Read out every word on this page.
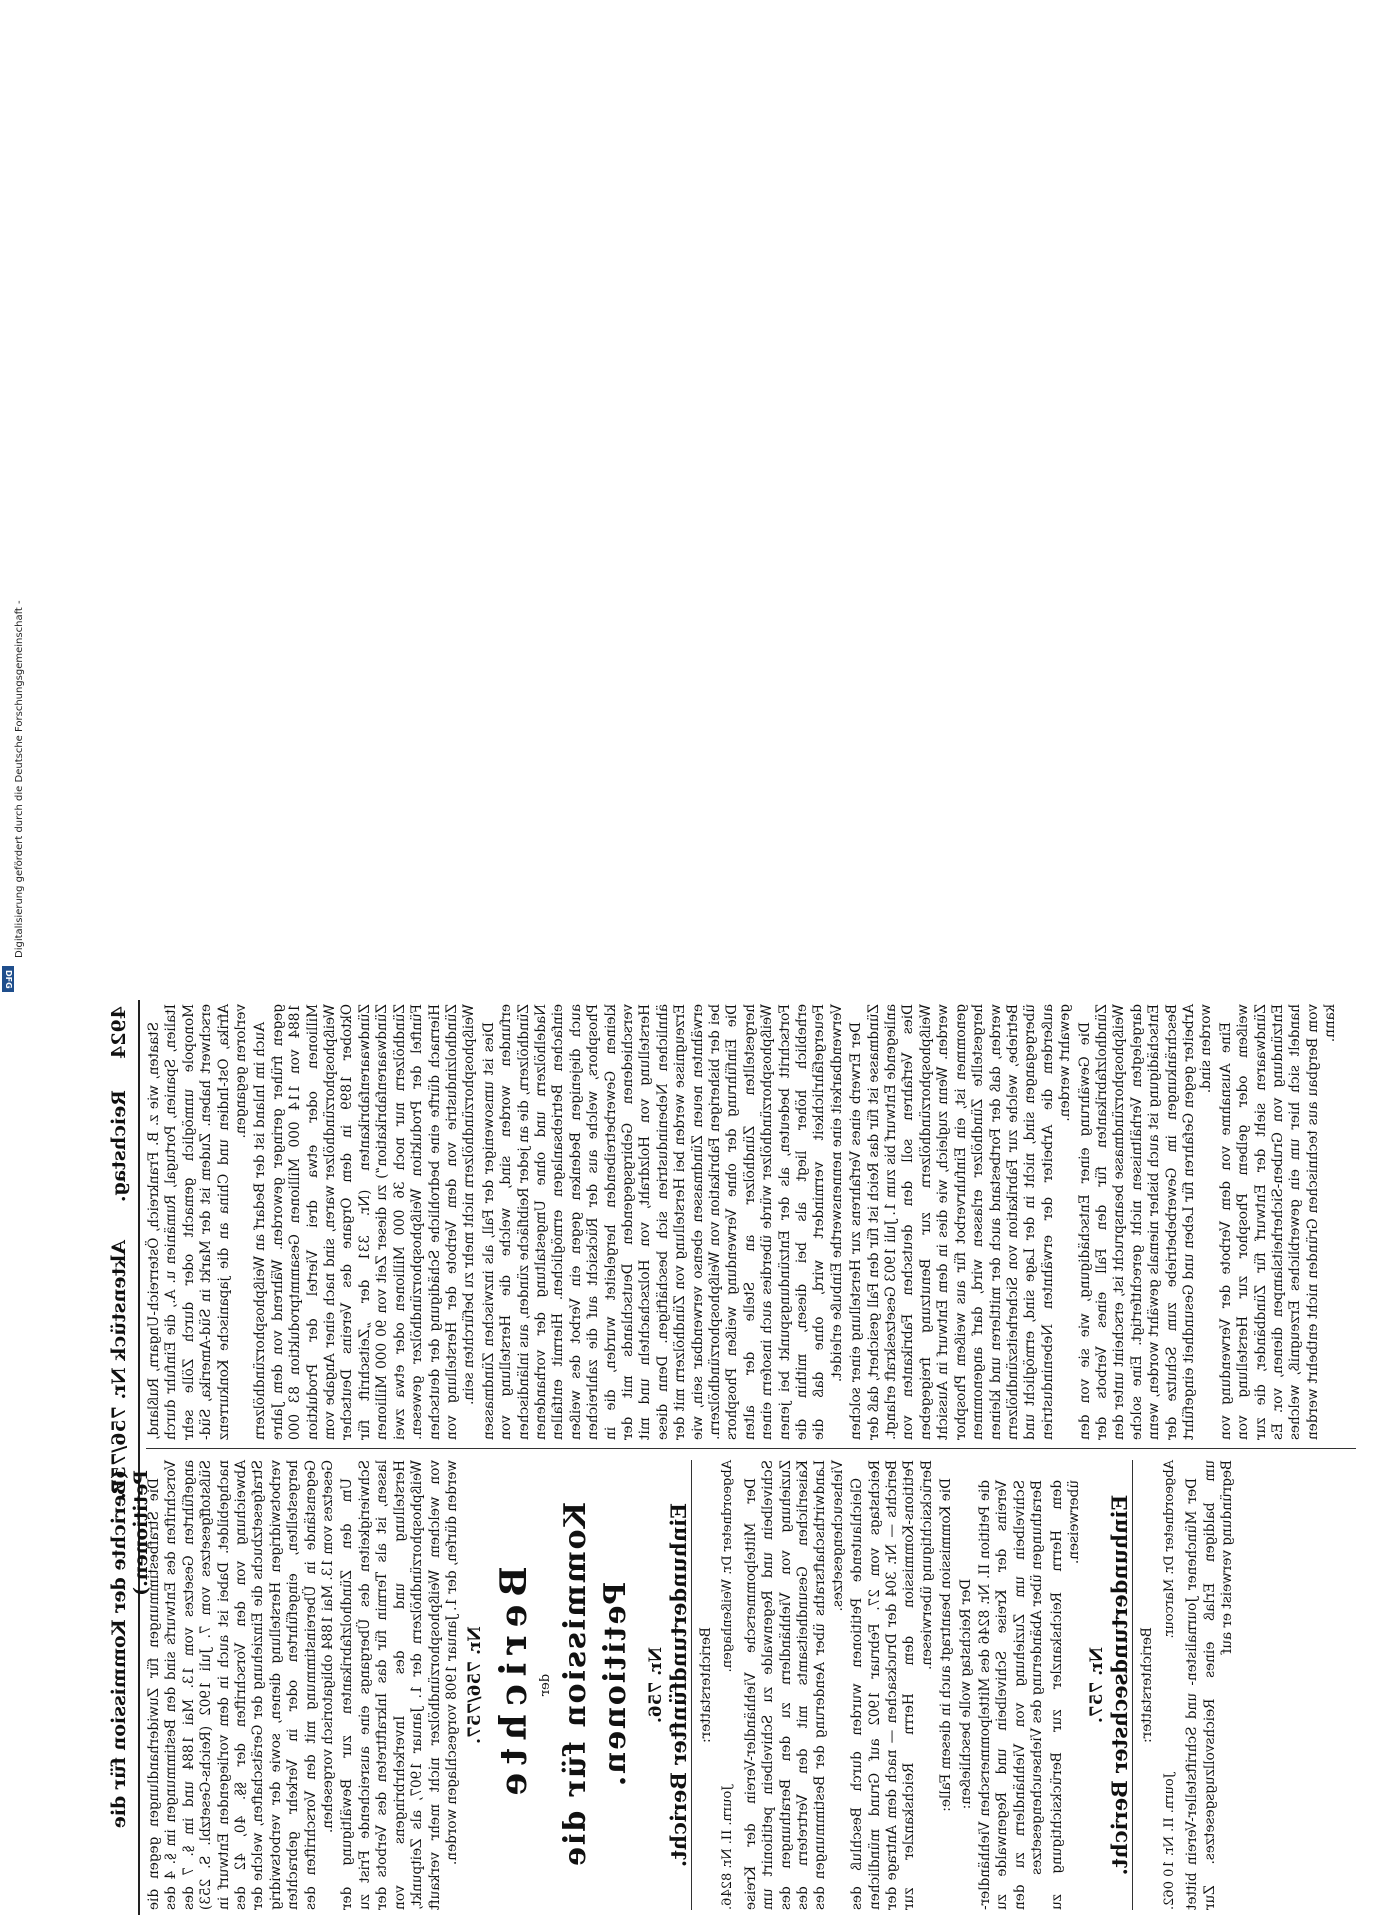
Digitalisierung gefördert durch die Deutsche Forschungsgemeinschaft -
DFG
4924
Reichstag.
Aktenstück Nr. 756/757.
(Berichte der Kommission für die Petitionen.)

Staaten, wie z. B. Frankreich, Österreich-Ungarn, Rußland, Italien, Spanien, Portugal, Rumänien u. A., die Einfuhr durch Monopole unmöglich gemacht oder durch Zölle sehr erschwert haben. Zudem ist der Markt in Süd-Amerika, Süd-Afrika, Ost-Indien und China an die japanische Konkurrenz verloren gegangen. Auch im Inland ist der Bedarf an Weißphosphorzündhölzern gegen früher geringer geworden. Während von dem Jahre 1884 von 114 000 Millionen Gesammtproduktion 83 000 Millionen oder etwa drei Viertel der Produktion Weißphosphorzündhölzer waren, sind nach einer Angabe vom Oktober 1899 in dem Organe des Vereins Deutscher Zündwaarenfabrikanten (Nr. 331 der „Zeitschrift für Zündwaarenfabrikation“) zu dieser Zeit von 90 000 Millionen Zündhölzern nur noch 36 000 Millionen oder etwa zwei Fünftel der Produktion Weißphosphorzündhölzer gewesen. Hiernach dürfte eine bedrohliche Schädigung der deutschen Zündholzindustrie von dem Verbote der Herstellung von Weißphosphorzündhölzern nicht mehr zu befürchten sein. Dies ist umsoweniger der Fall, als inzwischen Zündmassen erfunden worden sind, welche die Herstellung von Zündhölzern, die an jeder Reibfläche zünden, aus inländischen Nadelhölzern und ohne Umgestaltung der vorhandenen einfachen Betriebsanlagen ermöglichen. Hiermit entfallen auch diejenigen Bedenken gegen ein Verbot des weißen Phosphors, welche aus der Rücksicht auf die zahlreichen kleinen Gewerbetreibenden hergeleitet wurden, die in verschiedenen Gebirgsgegenden Deutschlands mit der Herstellung von Holzdraht, von Holzschachteln und mit ähnlichen Nebenindustrien sich beschäftigen. Denn diese Erzeugnisse werden bei Herstellung von Zündhölzern mit der erwähnten neuen Zündmassen ebenso verwendbar sein, wie bei der bisherigen Fabrikation von Weißphosphorzündhölzern. Die Einführung der ohne Verwendung weißen Phosphors hergestellten Zündhölzer an Stelle der alten Weißphosphorzündhölzer würde überdies auch insofern einen Fortschritt bedeuten, als der Entzündungspunkt bei jenen erheblich höher liegt als bei diesen, mithin die Feuergefährlichkeit vermindert wird, ohne daß die Verwendbarkeit eine nennenswerthe Einbuße erleidet. Der Erwerb eines Verfahrens zur Herstellung einer solchen Zündmasse ist für das Reich ist für den Fall gesichert, daß der anliegende Entwurf bis zum 1. Juli 1903 Gesetzeskraft erlangt. Dies Verfahren soll den deutschen Fabrikanten von Weißphosphorzündhölzern zur Benutzung freigegeben werden. Wenn zugleich, wie dies in dem Entwurf in Aussicht genommen ist, ein Einfuhrverbot für aus weißem Phosphor hergestellte Zündhölzer erlassen wird, darf angenommen werden, daß der Fortbestand auch der mittleren und kleinen Betriebe, welche zur Fabrikation von Sicherheitszündhölzern übergegangen sind, nicht in der Lage sind, ermöglicht und außerdem die Arbeiter der erwähnten Nebenindustrien gewahrt werden. Die Gewährung einer Entschädigung, wie sie von den Zündholzfabrikanten für den Fall eines Verbots der Weißphosphorzündmasse beansprucht ist, erscheint unter den dargelegten Verhältnissen nicht gerechtfertigt. Eine solche Entschädigung ist auch bisher niemals gewährt worden, wenn Beschränkungen im Gewerbebetriebe zum Schutze der Arbeiter gegen Gefahren für Leben und Gesundheit eingeführt worden sind. Eine Ausnahme von dem Verbote der Verwendung von weißem oder gelbem Phosphor zur Herstellung von Zündwaaren sieht der Entwurf für Zündbänder, die zur Entzündung von Gruben-Sicherheitslampen dienen, vor. Es handelt sich hier um ein gewerbliches Erzeugniß, welches vom Bergbau aus technischen Gründen nicht entbehrt werden kann.

Die Strafbestimmungen für Zuwiderhandlungen gegen die Vorschriften des Entwurfs sind den Bestimmungen im §. 4 des angeführten Gesetzes vom 13. Mai 1884 und im §. 7 des Süßstoffgesetzes vom 7. Juli 1902 (Reichs-Gesetzbl. S. 253) nachgebildet. Dabei ist auch in dem vorliegenden Entwurf in Abweichung von den Vorschriften der §§. 40, 42 des Strafgesetzbuchs die Einziehung der Gerätschaften, welche der verbotswidrigen Herstellung dienen, sowie der verbotswidrig hergestellten, eingeführten oder in Verkehr gebrachten Gegenstände in Übereinstimmung mit den Vorschriften des Gesetzes vom 13. Mai 1884 obligatorisch vorgesehen. Um den Zündholzfabrikanten zur Bewältigung der Schwierigkeiten des Übergangs eine ausreichende Frist zu lassen, ist als Termin für das Inkrafttreten des Verbots der Herstellung und des Inverkehrbringens von Weißphosphorzündhölzern der 1. Januar 1907, als Zeitpunkt, von welchem Weißphosphorzündhölzer nicht mehr verkauft werden dürfen, der 1. Januar 1908 vorgeschlagen worden. Nr. 756/757. Berichte der Kommission für die Petitionen. Nr. 756. Einhundertundfünfter Bericht. Berichterstatter:
Abgeordneter Dr. Weißenhagen.
Journ. II. Nr. 8246. Der Mittelpommersche Viehhändler-Verein der Kreise Schivelbein und Regenwalde zu Schivelbein petitionirt um Zuziehung von Viehhändlern zu den Berathungen des Kaiserlichen Gesundheitsamts mit den Vertretern des Landwirthschaftsraths über Aenderung der Bestimmungen des Viehseuchengesetzes. Gleichlautende Petitionen wurden durch Beschluß des Reichstags vom 27. Februar 1902 auf Grund mündlichen Berichts — Nr. 304 der Drucksachen — nach dem Antrage der Petitions-Kommission dem Herrn Reichskanzler zur Berücksichtigung überwiesen. Die Kommission beantragt auch in diesem Falle: Der Reichstag wolle beschließen: die Petition II. Nr. 8246 des Mittelpommerschen Viehhändler-Vereins der Kreise Schivelbein und Regenwalde zu Schivelbein um Zuziehung von Viehhändlern zu den Berathungen über Abänderung des Viehseuchengesetzes dem Herrn Reichskanzler zur Berücksichtigung zu überweisen.

Nr. 757. Einhundertundsechster Bericht. Berichterstatter:
Abgeordneter Dr. Marcour.
Journ. II. Nr. 10 062. Der Münchener Journalisten- und Schriftsteller-Verein bittet um baldigen Erlaß eines Reichsvollzugsgesetzes. Zur Begründung verweist er auf
